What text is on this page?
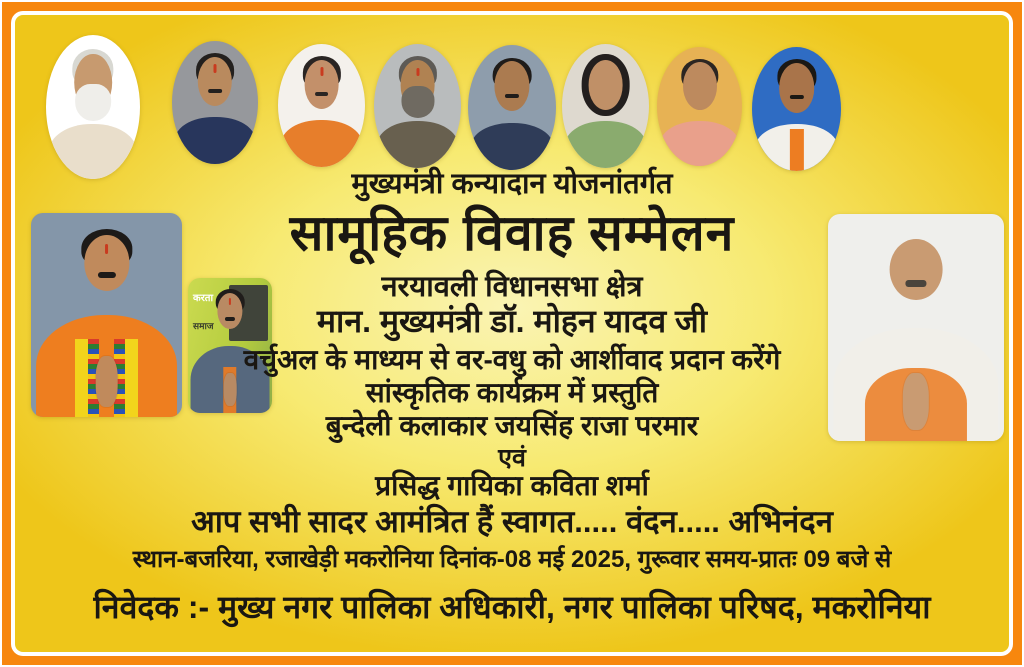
करता
समाज
मुख्यमंत्री कन्यादान योजनांतर्गत
सामूहिक विवाह सम्मेलन
नरयावली विधानसभा क्षेत्र
मान. मुख्यमंत्री डॉ. मोहन यादव जी
वर्चुअल के माध्यम से वर-वधु को आर्शीवाद प्रदान करेंगे
सांस्कृतिक कार्यक्रम में प्रस्तुति
बुन्देली कलाकार जयसिंह राजा परमार
एवं
प्रसिद्ध गायिका कविता शर्मा
आप सभी सादर आमंत्रित हैं स्वागत..... वंदन..... अभिनंदन
स्थान-बजरिया, रजाखेड़ी मकरोनिया दिनांक-08 मई 2025, गुरूवार समय-प्रातः 09 बजे से
निवेदक :- मुख्य नगर पालिका अधिकारी, नगर पालिका परिषद, मकरोनिया
